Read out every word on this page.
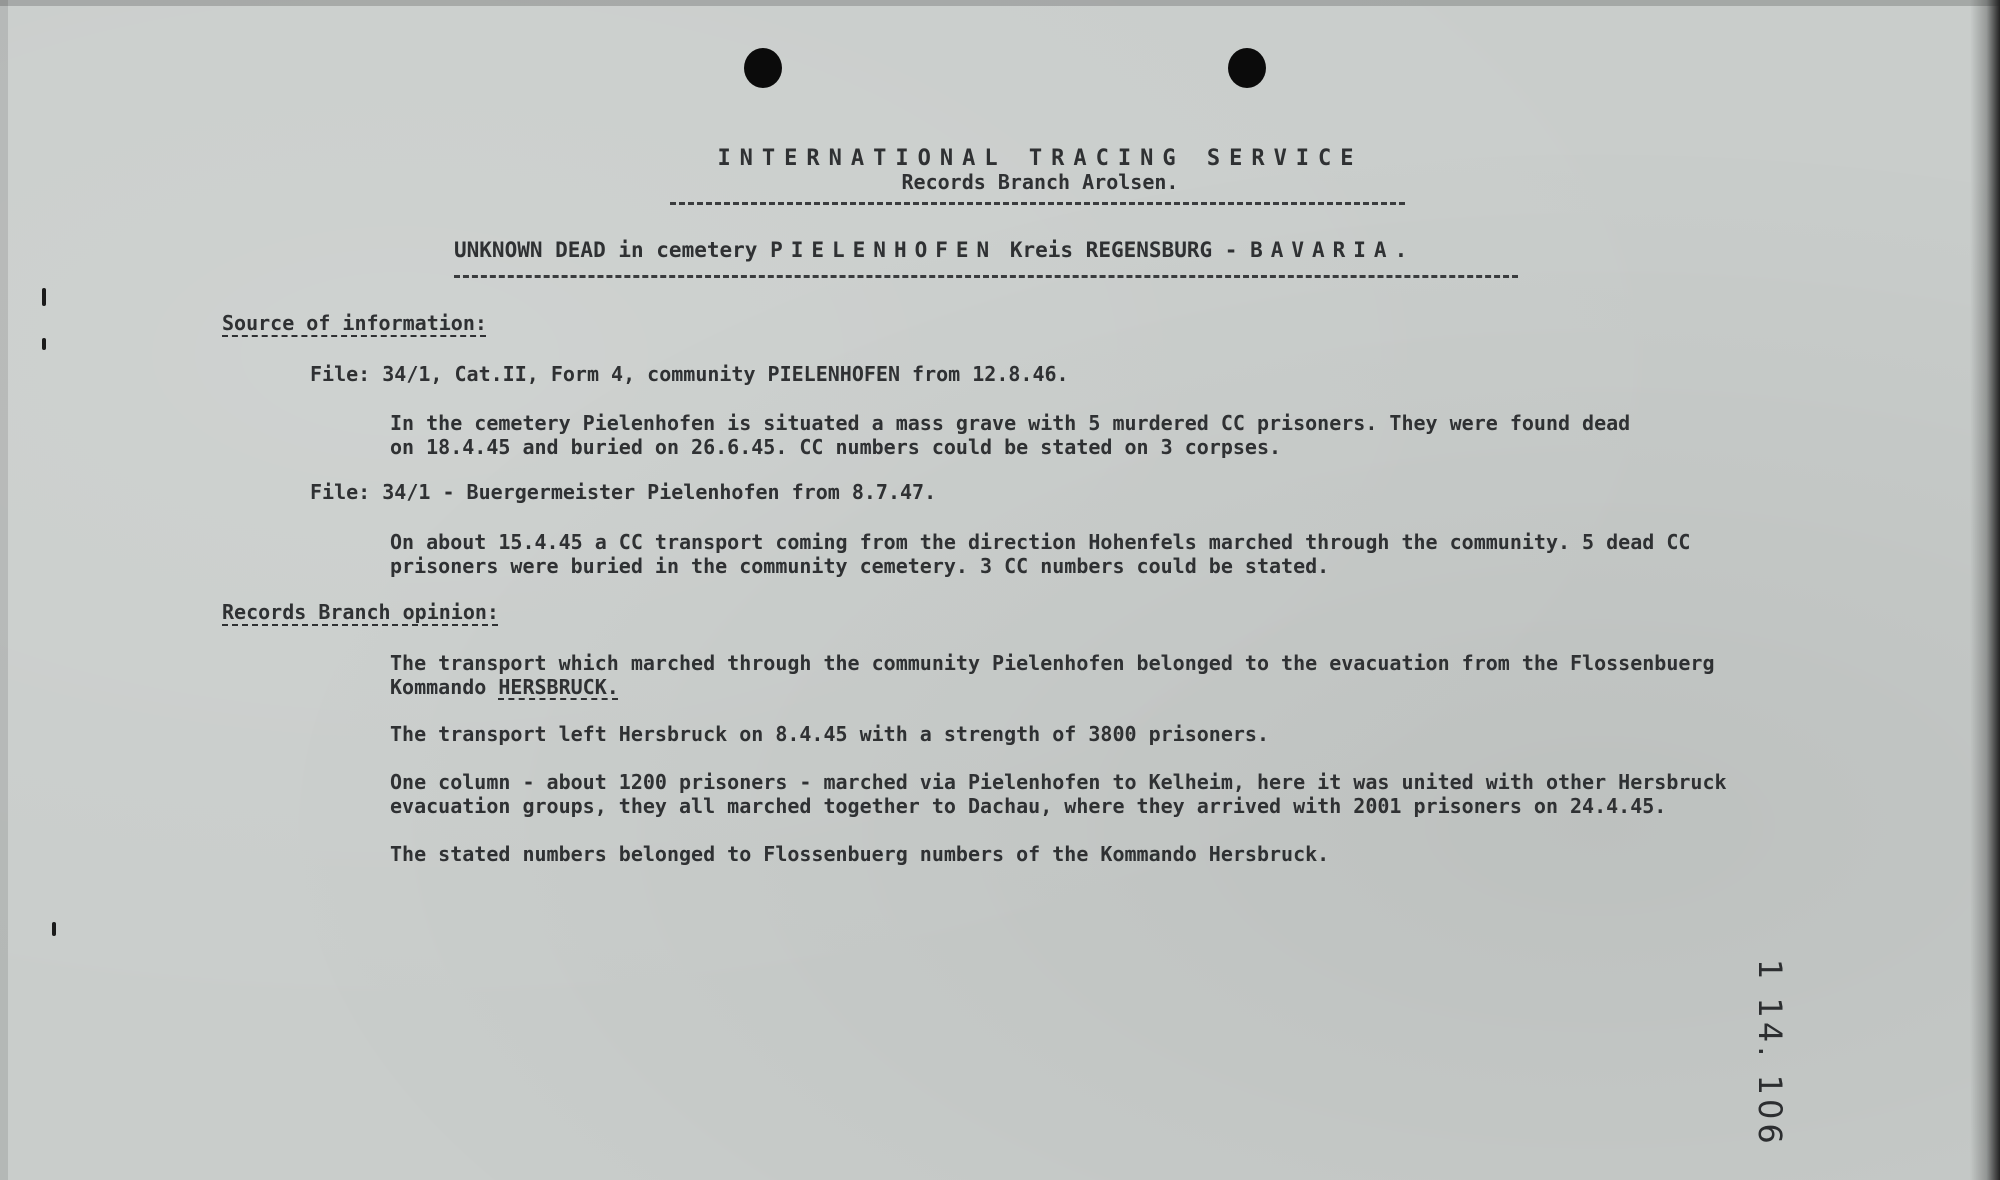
INTERNATIONAL TRACING SERVICE
Records Branch Arolsen.
UNKNOWN DEAD in cemetery PIELENHOFEN Kreis REGENSBURG - BAVARIA.
Source of information:
File: 34/1, Cat.II, Form 4, community PIELENHOFEN from 12.8.46.
In the cemetery Pielenhofen is situated a mass grave with 5 murdered CC prisoners. They were found dead
on 18.4.45 and buried on 26.6.45. CC numbers could be stated on 3 corpses.
File: 34/1 - Buergermeister Pielenhofen from 8.7.47.
On about 15.4.45 a CC transport coming from the direction Hohenfels marched through the community. 5 dead CC
prisoners were buried in the community cemetery. 3 CC numbers could be stated.
Records Branch opinion:
The transport which marched through the community Pielenhofen belonged to the evacuation from the Flossenbuerg
Kommando HERSBRUCK.
The transport left Hersbruck on 8.4.45 with a strength of 3800 prisoners.
One column - about 1200 prisoners - marched via Pielenhofen to Kelheim, here it was united with other Hersbruck
evacuation groups, they all marched together to Dachau, where they arrived with 2001 prisoners on 24.4.45.
The stated numbers belonged to Flossenbuerg numbers of the Kommando Hersbruck.
1 14. 106
